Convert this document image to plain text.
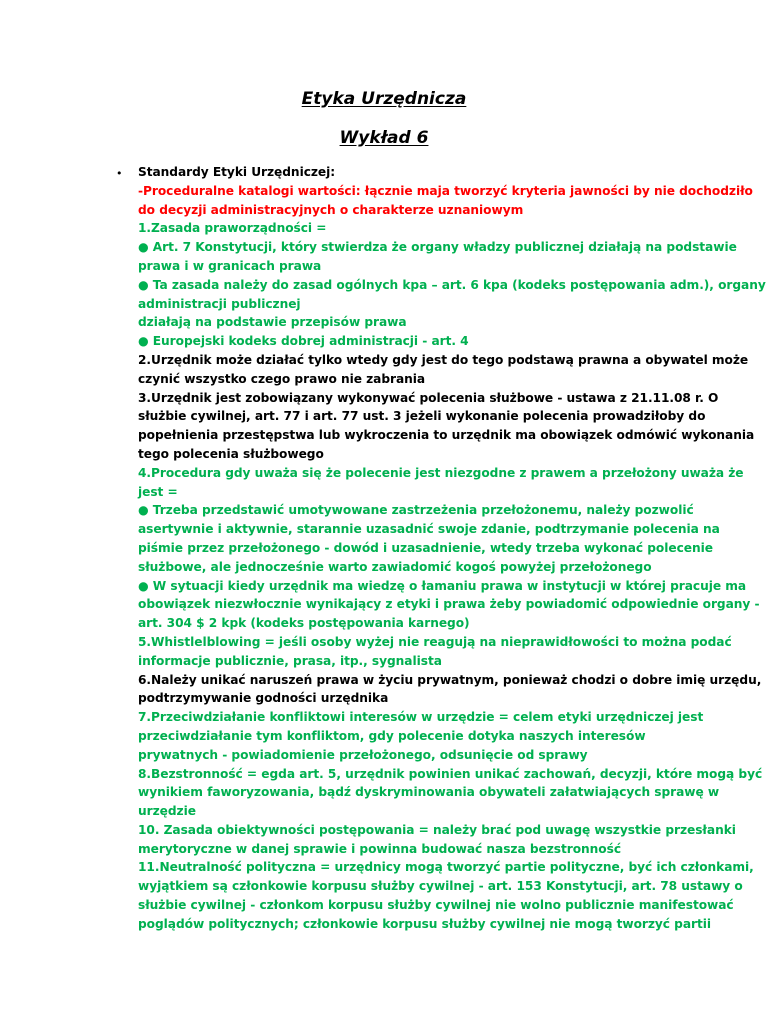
Etyka Urzędnicza
Wykład 6
• Standardy Etyki Urzędniczej:
-Proceduralne katalogi wartości: łącznie maja tworzyć kryteria jawności by nie dochodziło
do decyzji administracyjnych o charakterze uznaniowym
1.Zasada praworządności =
● Art. 7 Konstytucji, który stwierdza że organy władzy publicznej działają na podstawie
prawa i w granicach prawa
● Ta zasada należy do zasad ogólnych kpa – art. 6 kpa (kodeks postępowania adm.), organy
administracji publicznej
działają na podstawie przepisów prawa
● Europejski kodeks dobrej administracji - art. 4
2.Urzędnik może działać tylko wtedy gdy jest do tego podstawą prawna a obywatel może
czynić wszystko czego prawo nie zabrania
3.Urzędnik jest zobowiązany wykonywać polecenia służbowe - ustawa z 21.11.08 r. O
służbie cywilnej, art. 77 i art. 77 ust. 3 jeżeli wykonanie polecenia prowadziłoby do
popełnienia przestępstwa lub wykroczenia to urzędnik ma obowiązek odmówić wykonania
tego polecenia służbowego
4.Procedura gdy uważa się że polecenie jest niezgodne z prawem a przełożony uważa że
jest =
● Trzeba przedstawić umotywowane zastrzeżenia przełożonemu, należy pozwolić
asertywnie i aktywnie, starannie uzasadnić swoje zdanie, podtrzymanie polecenia na
piśmie przez przełożonego - dowód i uzasadnienie, wtedy trzeba wykonać polecenie
służbowe, ale jednocześnie warto zawiadomić kogoś powyżej przełożonego
● W sytuacji kiedy urzędnik ma wiedzę o łamaniu prawa w instytucji w której pracuje ma
obowiązek niezwłocznie wynikający z etyki i prawa żeby powiadomić odpowiednie organy -
art. 304 $ 2 kpk (kodeks postępowania karnego)
5.Whistlelblowing = jeśli osoby wyżej nie reagują na nieprawidłowości to można podać
informacje publicznie, prasa, itp., sygnalista
6.Należy unikać naruszeń prawa w życiu prywatnym, ponieważ chodzi o dobre imię urzędu,
podtrzymywanie godności urzędnika
7.Przeciwdziałanie konfliktowi interesów w urzędzie = celem etyki urzędniczej jest
przeciwdziałanie tym konfliktom, gdy polecenie dotyka naszych interesów
prywatnych - powiadomienie przełożonego, odsunięcie od sprawy
8.Bezstronność = egda art. 5, urzędnik powinien unikać zachowań, decyzji, które mogą być
wynikiem faworyzowania, bądź dyskryminowania obywateli załatwiających sprawę w
urzędzie
10. Zasada obiektywności postępowania = należy brać pod uwagę wszystkie przesłanki
merytoryczne w danej sprawie i powinna budować nasza bezstronność
11.Neutralność polityczna = urzędnicy mogą tworzyć partie polityczne, być ich członkami,
wyjątkiem są członkowie korpusu służby cywilnej - art. 153 Konstytucji, art. 78 ustawy o
służbie cywilnej - członkom korpusu służby cywilnej nie wolno publicznie manifestować
poglądów politycznych; członkowie korpusu służby cywilnej nie mogą tworzyć partii
